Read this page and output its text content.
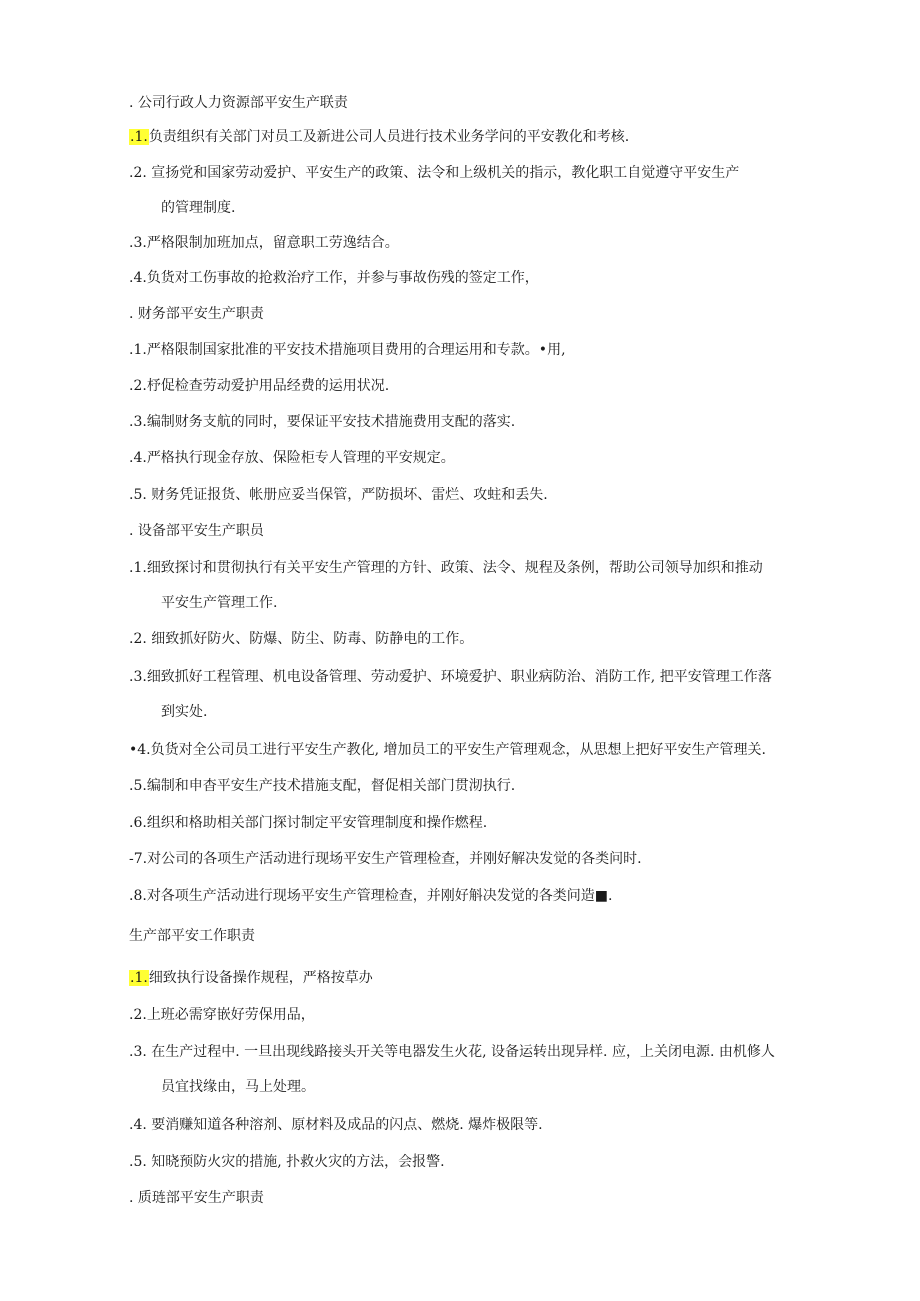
. 公司行政人力资源部平安生产联责
.1.负责组织有关部门对员工及新进公司人员进行技术业务学问的平安教化和考核.
.2. 宣扬党和国家劳动爱护、平安生产的政策、法令和上级机关的指示，教化职工自觉遵守平安生产
的管理制度.
.3.严格限制加班加点，留意职工劳逸结合。
.4.负货对工伤事故的抢救治疗工作，并参与事故伤残的签定工作，
. 财务部平安生产职责
.1.严格限制国家批准的平安技术措施项目费用的合理运用和专款。•用,
.2.杼促检查劳动爱护用品经费的运用状况.
.3.编制财务支航的同时，要保证平安技术措施费用支配的落实.
.4.严格执行现金存放、保险柜专人管理的平安规定。
.5. 财务凭证报货、帐册应妥当保管，严防损坏、雷烂、攻蛀和丢失.
. 设备部平安生产职员
.1.细致探讨和贯彻执行有关平安生产管理的方针、政策、法令、规程及条例，帮助公司领导加织和推动
平安生产管理工作.
.2. 细致抓好防火、防爆、防尘、防毒、防静电的工作。
.3.细致抓好工程管理、机电设备管理、劳动爱护、环境爱护、职业病防治、消防工作, 把平安管理工作落
到实处.
•4.负货对全公司员工进行平安生产教化, 增加员工的平安生产管理观念，从思想上把好平安生产管理关.
.5.编制和申杳平安生产技术措施支配，督促相关部门贯沏执行.
.6.组织和格助相关部门探讨制定平安管理制度和操作燃程.
-7.对公司的各项生产活动进行现场平安生产管理检查，并刚好解决发觉的各类问时.
.8.对各项生产活动进行现场平安生产管理检查，并刚好斛决发觉的各类问造■.
生产部平安工作职责
.1.细致执行设备操作规程，严格按草办
.2.上班必需穿嵌好劳保用品，
.3. 在生产过程中. 一旦出现线路接头开关等电器发生火花, 设备运转出现异样. 应，上关闭电源. 由机修人
员宜找缘由，马上处理。
.4. 要消赚知道各种溶剂、原材料及成品的闪点、燃烧. 爆炸极限等.
.5. 知晓预防火灾的措施, 扑救火灾的方法，会报警.
. 质琏部平安生产职责
